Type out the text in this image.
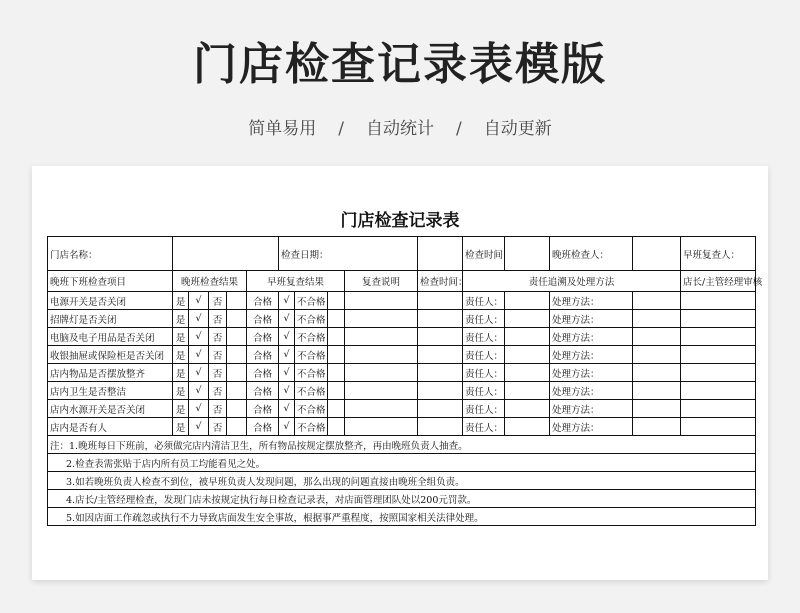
门店检查记录表模版
简单易用 / 自动统计 / 自动更新
门店检查记录表
门店名称：						检查日期：					检查时间		晚班检查人：		早班复查人：
晚班下班检查项目	晚班检查结果				早班复查结果				复查说明	检查时间：	责任追溯及处理方法				店长/主管经理审核
电源开关是否关闭	是	√	否		合格	√	不合格				责任人：		处理方法：		
招牌灯是否关闭	是	√	否		合格	√	不合格				责任人：		处理方法：		
电脑及电子用品是否关闭	是	√	否		合格	√	不合格				责任人：		处理方法：		
收银抽屉或保险柜是否关闭	是	√	否		合格	√	不合格				责任人：		处理方法：		
店内物品是否摆放整齐	是	√	否		合格	√	不合格				责任人：		处理方法：		
店内卫生是否整洁	是	√	否		合格	√	不合格				责任人：		处理方法：		
店内水源开关是否关闭	是	√	否		合格	√	不合格				责任人：		处理方法：		
店内是否有人	是	√	否		合格	√	不合格				责任人：		处理方法：		
注：1.晚班每日下班前，必须做完店内清洁卫生，所有物品按规定摆放整齐，再由晚班负责人抽查。															
2.检查表需张贴于店内所有员工均能看见之处。															
3.如若晚班负责人检查不到位，被早班负责人发现问题，那么出现的问题直接由晚班全组负责。															
4.店长/主管经理检查，发现门店未按规定执行每日检查记录表，对店面管理团队处以200元罚款。															
5.如因店面工作疏忽或执行不力导致店面发生安全事故，根据事严重程度，按照国家相关法律处理。															
